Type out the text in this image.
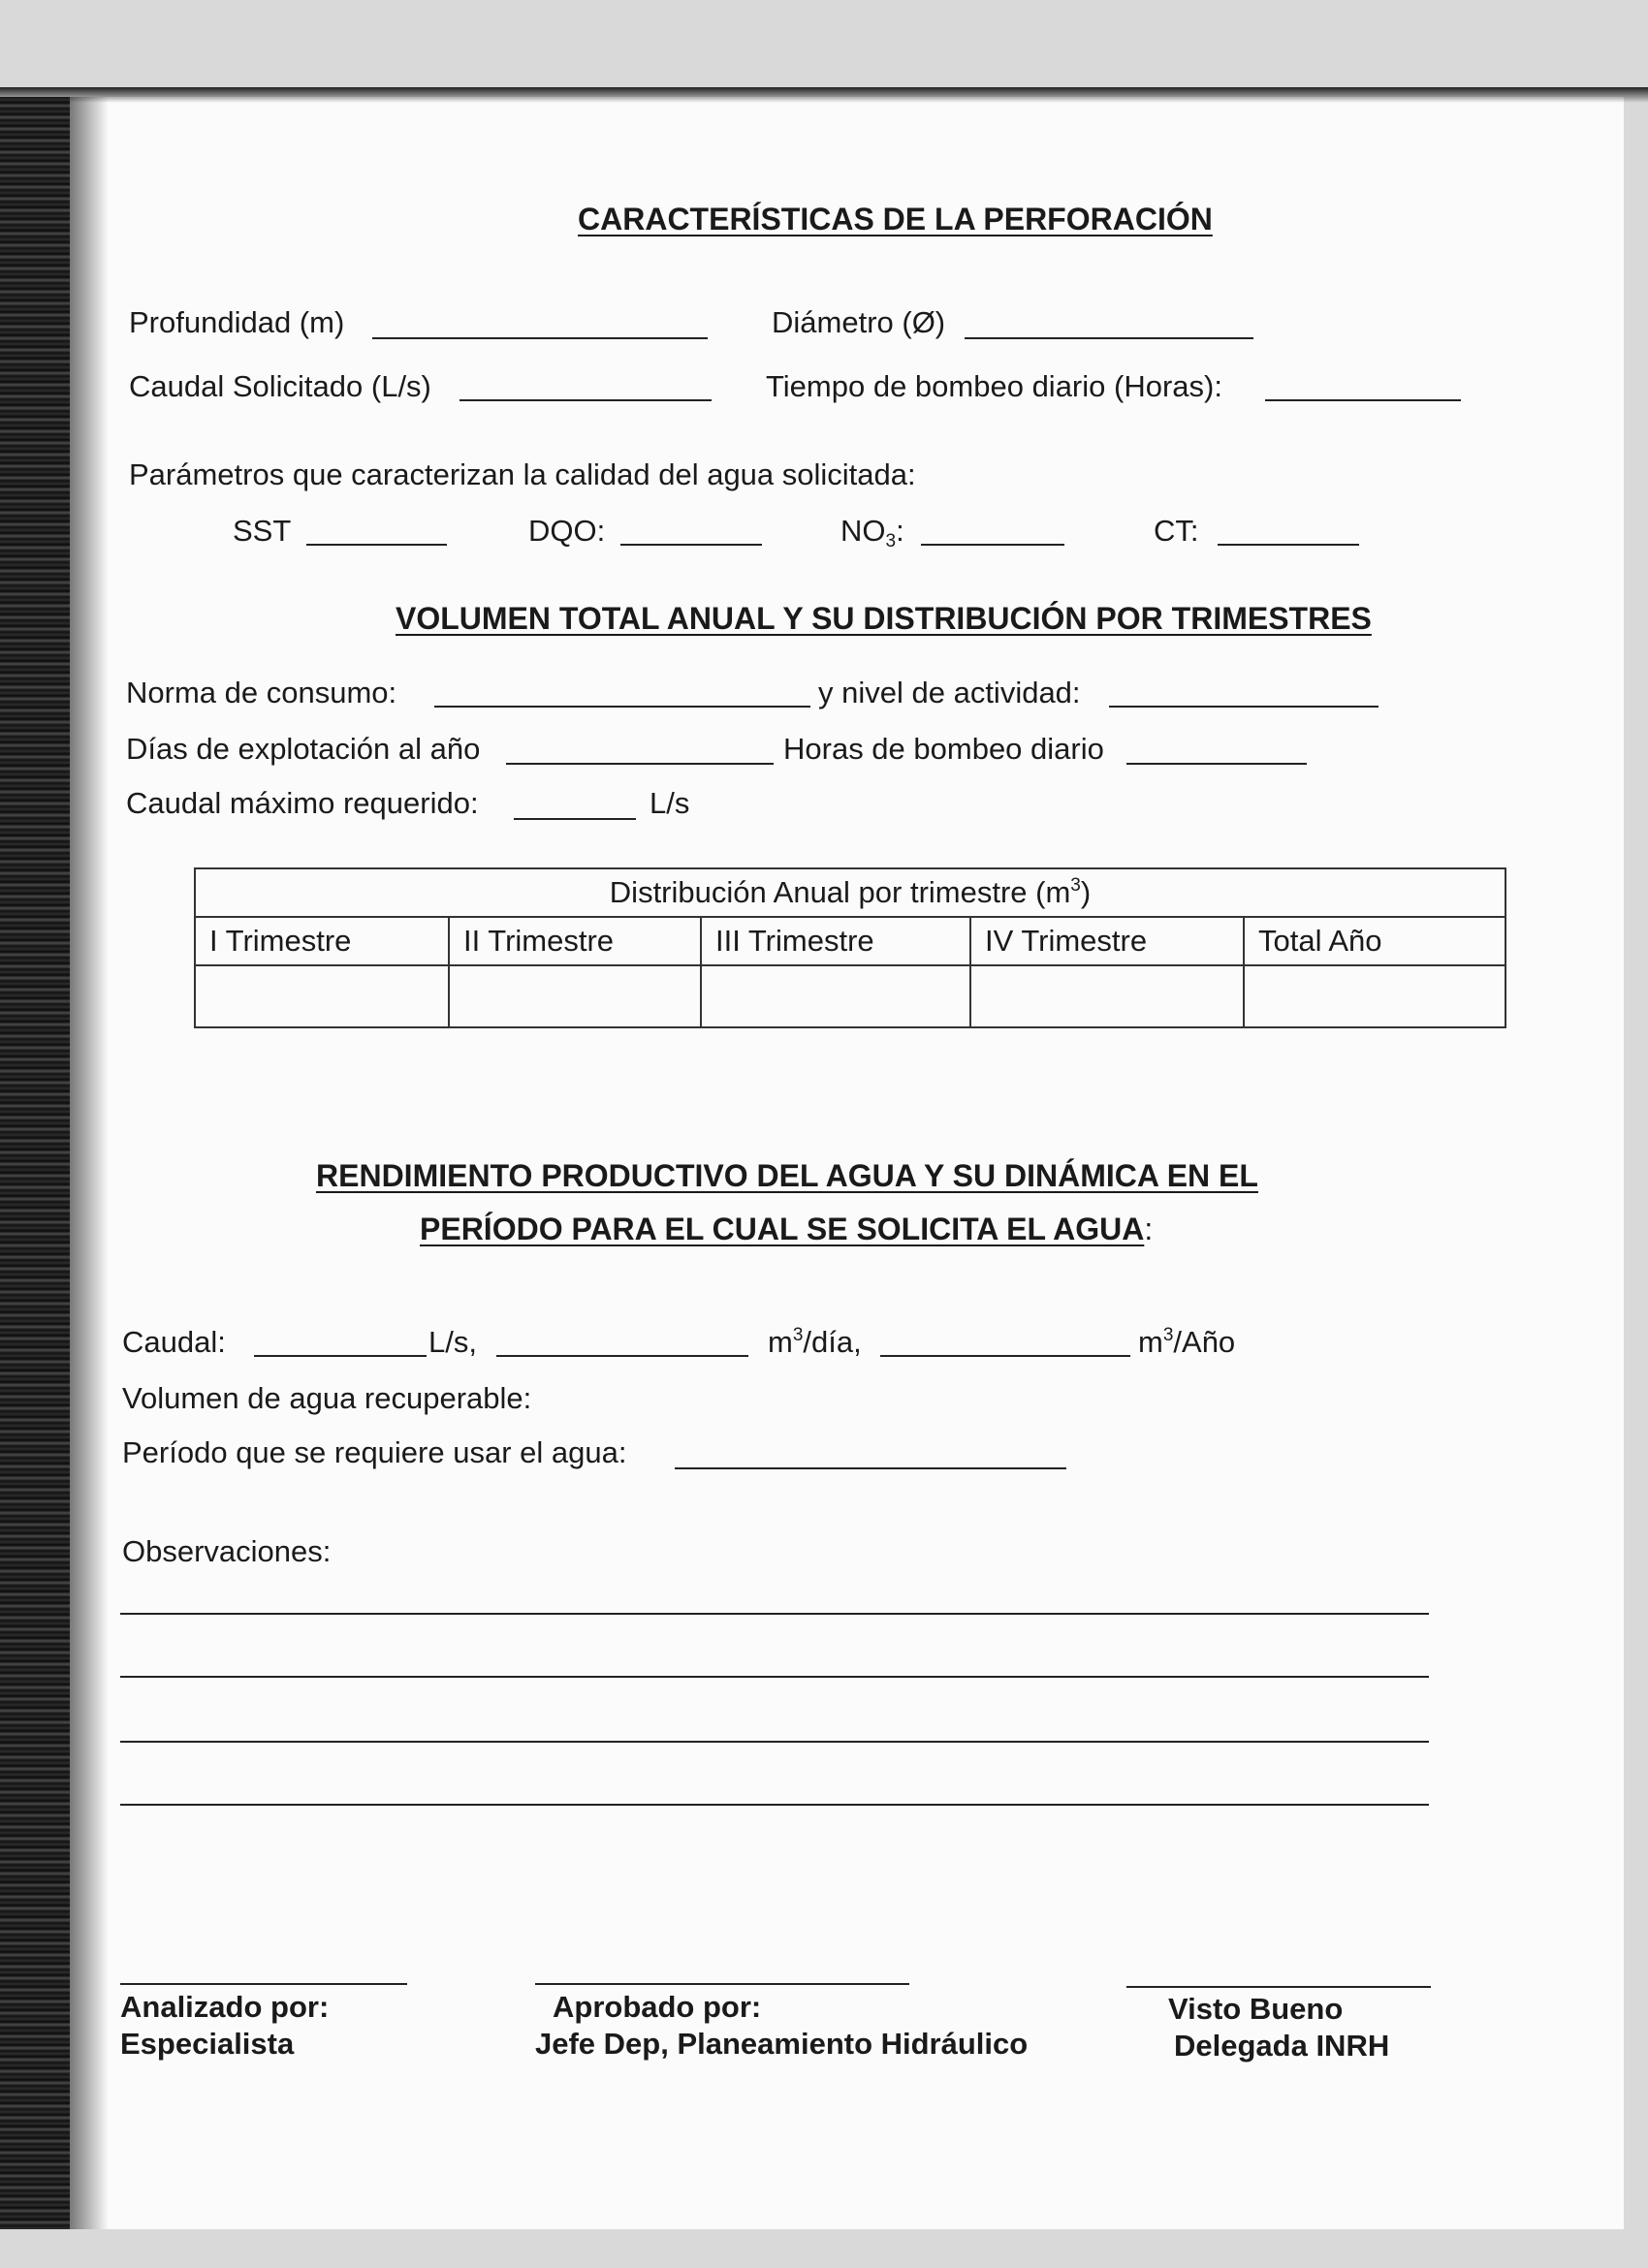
CARACTERÍSTICAS DE LA PERFORACIÓN
Profundidad (m)	Diámetro (Ø)
Caudal Solicitado (L/s)	Tiempo de bombeo diario (Horas):
Parámetros que caracterizan la calidad del agua solicitada:
SST	DQO:	$NO_3$:	CT:
VOLUMEN TOTAL ANUAL Y SU DISTRIBUCIÓN POR TRIMESTRES
Norma de consumo:	y nivel de actividad:
Días de explotación al año	Horas de bombeo diario
Caudal máximo requerido:	L/s
Distribución Anual por trimestre $(m^3)$				
I Trimestre	II Trimestre	III Trimestre	IV Trimestre	Total Año

RENDIMIENTO PRODUCTIVO DEL AGUA Y SU DINÁMICA EN EL
PERÍODO PARA EL CUAL SE SOLICITA EL AGUA:
Caudal:	L/s,	$m^3$/día,	$m^3$/Año
Volumen de agua recuperable:
Período que se requiere usar el agua:
Observaciones:
Analizado por:
Especialista
Aprobado por:
Jefe Dep, Planeamiento Hidráulico
Visto Bueno
Delegada INRH
